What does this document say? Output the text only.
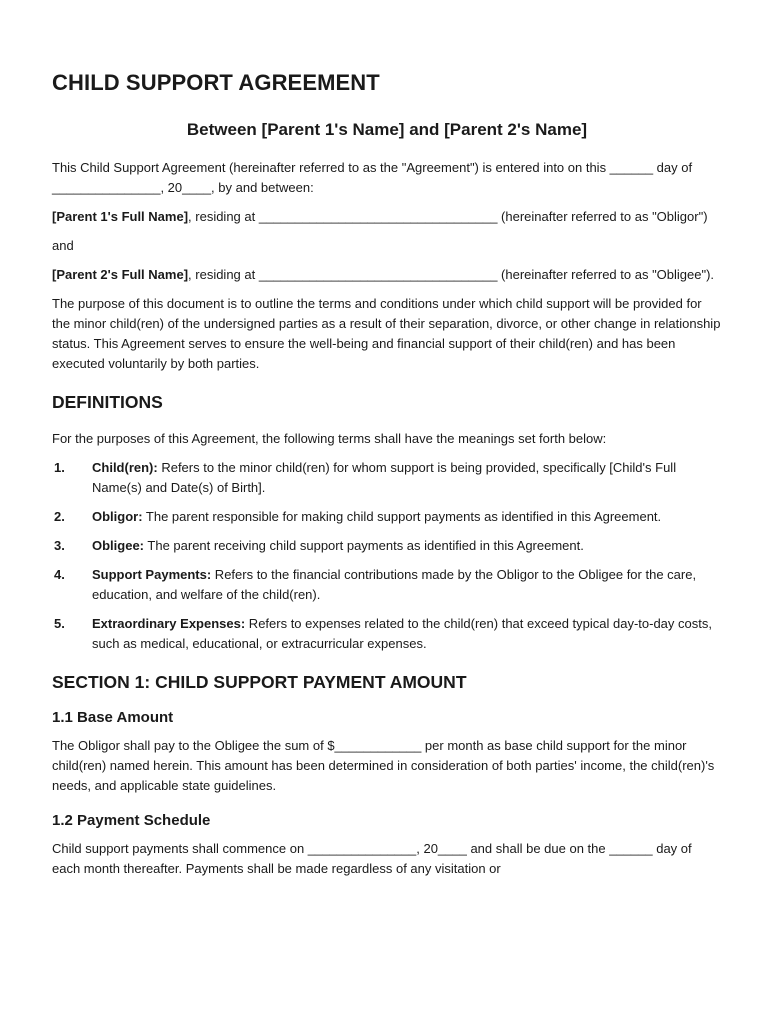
CHILD SUPPORT AGREEMENT
Between [Parent 1's Name] and [Parent 2's Name]

This Child Support Agreement (hereinafter referred to as the "Agreement") is entered into on this ______ day of _______________, 20____, by and between:

[Parent 1's Full Name], residing at _________________________________ (hereinafter referred to as "Obligor")

and

[Parent 2's Full Name], residing at _________________________________ (hereinafter referred to as "Obligee").

The purpose of this document is to outline the terms and conditions under which child support will be provided for the minor child(ren) of the undersigned parties as a result of their separation, divorce, or other change in relationship status. This Agreement serves to ensure the well-being and financial support of their child(ren) and has been executed voluntarily by both parties.

DEFINITIONS

For the purposes of this Agreement, the following terms shall have the meanings set forth below:

1.	Child(ren): Refers to the minor child(ren) for whom support is being provided, specifically [Child's Full Name(s) and Date(s) of Birth].
2.	Obligor: The parent responsible for making child support payments as identified in this Agreement.
3.	Obligee: The parent receiving child support payments as identified in this Agreement.
4.	Support Payments: Refers to the financial contributions made by the Obligor to the Obligee for the care, education, and welfare of the child(ren).
5.	Extraordinary Expenses: Refers to expenses related to the child(ren) that exceed typical day-to-day costs, such as medical, educational, or extracurricular expenses.
SECTION 1: CHILD SUPPORT PAYMENT AMOUNT
1.1 Base Amount

The Obligor shall pay to the Obligee the sum of $____________ per month as base child support for the minor child(ren) named herein. This amount has been determined in consideration of both parties' income, the child(ren)'s needs, and applicable state guidelines.

1.2 Payment Schedule

Child support payments shall commence on _______________, 20____ and shall be due on the ______ day of each month thereafter. Payments shall be made regardless of any visitation or
